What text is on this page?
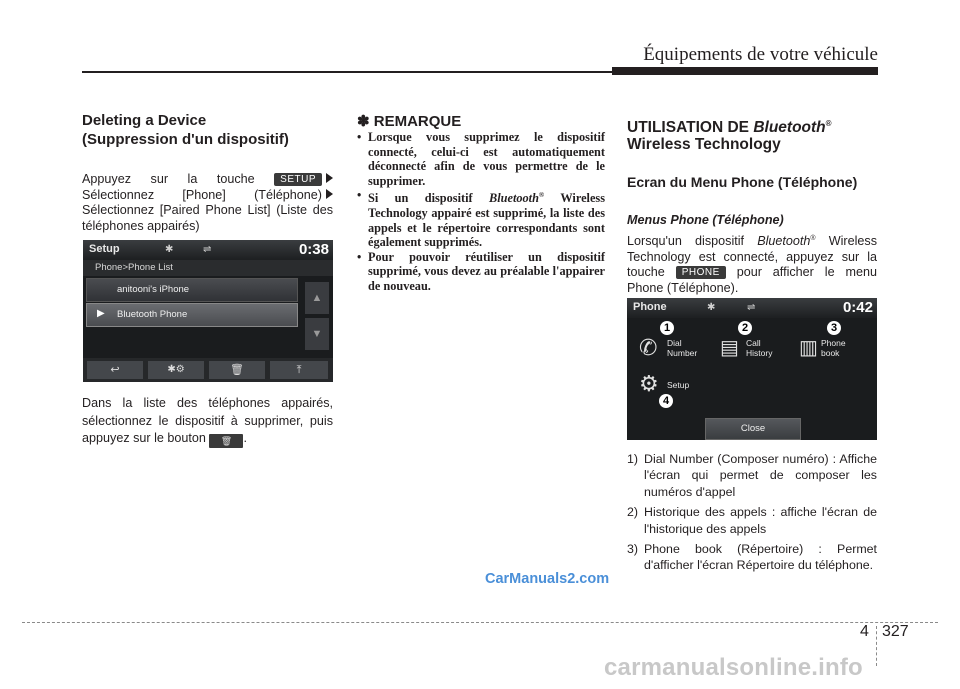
Équipements de votre véhicule
Deleting a Device
(Suppression d'un dispositif)
Appuyez sur la touche	SETUP
Sélectionnez [Phone] (Téléphone)
Sélectionnez [Paired Phone List] (Liste des téléphones appairés)
Setup	✱	⇌	0:38
Phone>Phone List
anitooni's iPhone
▶ Bluetooth Phone
▲
▼
↩	✱⚙	🗑	⤒
Dans la liste des téléphones appairés, sélectionnez le dispositif à supprimer, puis appuyez sur le bouton 🗑 .
✽ REMARQUE

• Lorsque vous supprimez le dispositif connecté, celui-ci est automatiquement déconnecté afin de vous permettre de le supprimer.

• Si un dispositif Bluetooth® Wireless Technology appairé est supprimé, la liste des appels et le répertoire correspondants sont également supprimés.

• Pour pouvoir réutiliser un dispositif supprimé, vous devez au préalable l'appairer de nouveau.

UTILISATION DE Bluetooth®
Wireless Technology
Ecran du Menu Phone (Téléphone)
Menus Phone (Téléphone)
Lorsqu'un dispositif Bluetooth® Wireless Technology est connecté, appuyez sur la touche PHONE pour afficher le menu Phone (Téléphone).
Phone	✱	⇌	0:42
1	2	3
✆ Dial
Number ▤ Call
History ▥ Phone
book
⚙ Setup
4
Close

1) Dial Number (Composer numéro) : Affiche l'écran qui permet de composer les numéros d'appel

2) Historique des appels : affiche l'écran de l'historique des appels

3) Phone book (Répertoire) : Permet d'afficher l'écran Répertoire du téléphone.

CarManuals2.com
4 327
carmanualsonline.info
